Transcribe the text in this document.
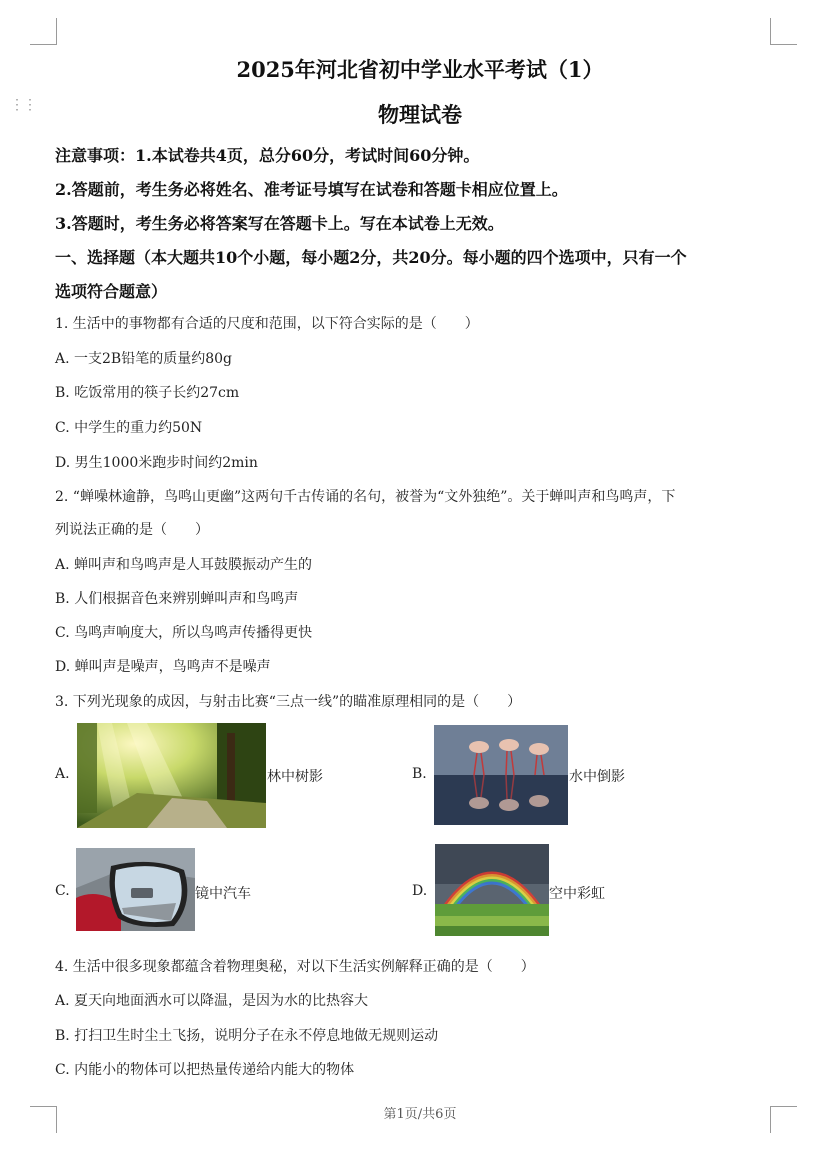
⋮⋮
2025年河北省初中学业水平考试（1）
物理试卷
注意事项：1.本试卷共4页，总分60分，考试时间60分钟。
2.答题前，考生务必将姓名、准考证号填写在试卷和答题卡相应位置上。
3.答题时，考生务必将答案写在答题卡上。写在本试卷上无效。
一、选择题（本大题共10个小题，每小题2分，共20分。每小题的四个选项中，只有一个
选项符合题意）
1. 生活中的事物都有合适的尺度和范围，以下符合实际的是（　　）
A. 一支2B铅笔的质量约80g
B. 吃饭常用的筷子长约27cm
C. 中学生的重力约50N
D. 男生1000米跑步时间约2min
2. “蝉噪林逾静，鸟鸣山更幽”这两句千古传诵的名句，被誉为“文外独绝”。关于蝉叫声和鸟鸣声，下
列说法正确的是（　　）
A. 蝉叫声和鸟鸣声是人耳鼓膜振动产生的
B. 人们根据音色来辨别蝉叫声和鸟鸣声
C. 鸟鸣声响度大，所以鸟鸣声传播得更快
D. 蝉叫声是噪声，鸟鸣声不是噪声
3. 下列光现象的成因，与射击比赛“三点一线”的瞄准原理相同的是（　　）
A.	林中树影	B.	水中倒影
C.	镜中汽车	D.	空中彩虹
4. 生活中很多现象都蕴含着物理奥秘，对以下生活实例解释正确的是（　　）
A. 夏天向地面洒水可以降温，是因为水的比热容大
B. 打扫卫生时尘土飞扬，说明分子在永不停息地做无规则运动
C. 内能小的物体可以把热量传递给内能大的物体
第1页/共6页
